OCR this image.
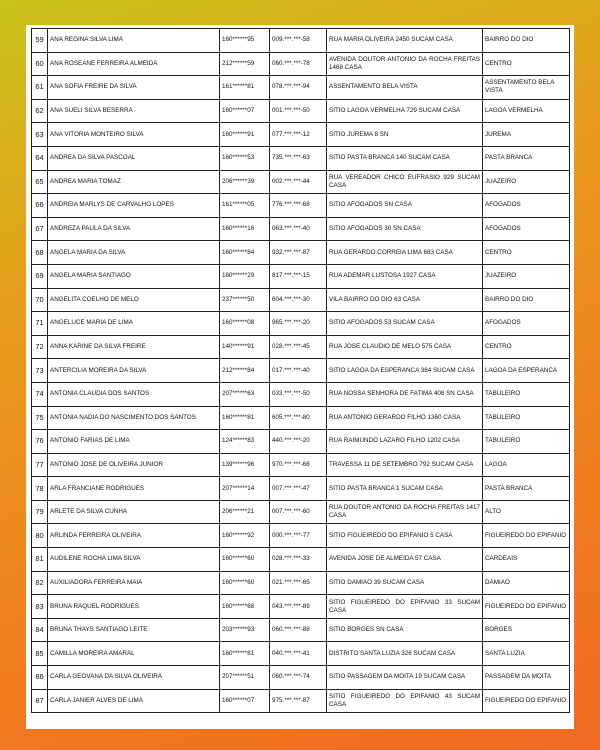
59	ANA REGINA SILVA LIMA	160******95	009.***.***-58	RUA MARIA OLIVEIRA 2450 SUCAM CASA	BAIRRO DO DIO
60	ANA ROSEANE FERREIRA ALMEIDA	212******59	060.***.***-78	AVENIDA DOUTOR ANTONIO DA ROCHA FREITAS 1468 CASA	CENTRO
61	ANA SOFIA FREIRE DA SILVA	161******81	078.***.***-94	ASSENTAMENTO BELA VISTA	ASSENTAMENTO BELA VISTA
62	ANA SUELI SILVA BESERRA	160******07	001.***.***-50	SITIO LAGOA VERMELHA 729 SUCAM CASA	LAGOA VERMELHA
63	ANA VITORIA MONTEIRO SILVA	160******91	077.***.***-12	SITIO JUREMA 8 SN	JUREMA
64	ANDREA DA SILVA PASCOAL	160******53	735.***.***-63	SITIO PASTA BRANCA 140 SUCAM CASA	PASTA BRANCA
65	ANDREA MARIA TOMAZ	206******39	002.***.***-44	RUA VEREADOR CHICO EUFRASIO 929 SUCAM CASA	JUAZEIRO
66	ANDREIA MARLYS DE CARVALHO LOPES	161******05	776.***.***-68	SITIO AFOGADOS SN CASA	AFOGADOS
67	ANDREZA PAULA DA SILVA	160******16	063.***.***-40	SITIO AFOGADOS 30 SN CASA	AFOGADOS
68	ANGELA MARIA DA SILVA	160******84	932.***.***-87	RUA GERARDO CORREIA LIMA 683 CASA	CENTRO
69	ANGELA MARIA SANTIAGO	160******29	817.***.***-15	RUA ADEMAR LUSTOSA 1927 CASA	JUAZEIRO
70	ANGELITA COELHO DE MELO	237******50	604.***.***-30	VILA BAIRRO DO DIO 63 CASA	BAIRRO DO DIO
71	ANGELUCE MARIA DE LIMA	160******08	965.***.***-20	SITIO AFOGADOS 53 SUCAM CASA	AFOGADOS
72	ANNA KARINE DA SILVA FREIRE	140******91	028.***.***-45	RUA JOSE CLAUDIO DE MELO 575 CASA	CENTRO
73	ANTERCILIA MOREIRA DA SILVA	212******84	017.***.***-40	SITIO LAGOA DA ESPERANCA 384 SUCAM CASA	LAGOA DA ESPERANCA
74	ANTONIA CLAUDIA DOS SANTOS	207******63	033.***.***-50	RUA NOSSA SENHORA DE FATIMA 408 SN CASA	TABULEIRO
75	ANTONIA NADIA DO NASCIMENTO DOS SANTOS	160******81	605.***.***-80	RUA ANTONIO GERARDO FILHO 1360 CASA	TABULEIRO
76	ANTONIO FARIAS DE LIMA	124******83	440.***.***-20	RUA RAIMUNDO LAZARO FILHO 1202 CASA	TABULEIRO
77	ANTONIO JOSE DE OLIVEIRA JUNIOR	139******96	970.***.***-68	TRAVESSA 11 DE SETEMBRO 792 SUCAM CASA	LAGOA
78	ARLA FRANCIANE RODRIGUES	207******14	007.***.***-47	SITIO PASTA BRANCA 1 SUCAM CASA	PASTA BRANCA
79	ARLETE DA SILVA CUNHA	206******21	007.***.***-60	RUA DOUTOR ANTONIO DA ROCHA FREITAS 1417 CASA	ALTO
80	ARLINDA FERREIRA OLIVEIRA	160******92	000.***.***-77	SITIO FIGUEIREDO DO EPIFANIO 5 CASA	FIGUEIREDO DO EPIFANIO
81	AUDILENE ROCHA LIMA SILVA	160******60	028.***.***-33	AVENIDA JOSE DE ALMEIDA 57 CASA	CARDEAIS
82	AUXILIADORA FERREIRA MAIA	160******60	021.***.***-65	SITIO DAMIAO 39 SUCAM CASA	DAMIAO
83	BRUNA RAQUEL RODRIGUES	160******68	043.***.***-89	SITIO FIGUEIREDO DO EPIFANIO 33 SUCAM CASA	FIGUEIREDO DO EPIFANIO
84	BRUNA THAYS SANTIAGO LEITE	203******93	060.***.***-88	SITIO BORGES SN CASA	BORGES
85	CAMILLA MOREIRA AMARAL	160******81	040.***.***-41	DISTRITO SANTA LUZIA 326 SUCAM CASA	SANTA LUZIA
86	CARLA GEOVANA DA SILVA OLIVEIRA	207******51	060.***.***-74	SITIO PASSAGEM DA MOITA 19 SUCAM CASA	PASSAGEM DA MOITA
87	CARLA JANIER ALVES DE LIMA	160******07	975.***.***-87	SITIO FIGUEIREDO DO EPIFANIO 43 SUCAM CASA	FIGUEIREDO DO EPIFANIO
